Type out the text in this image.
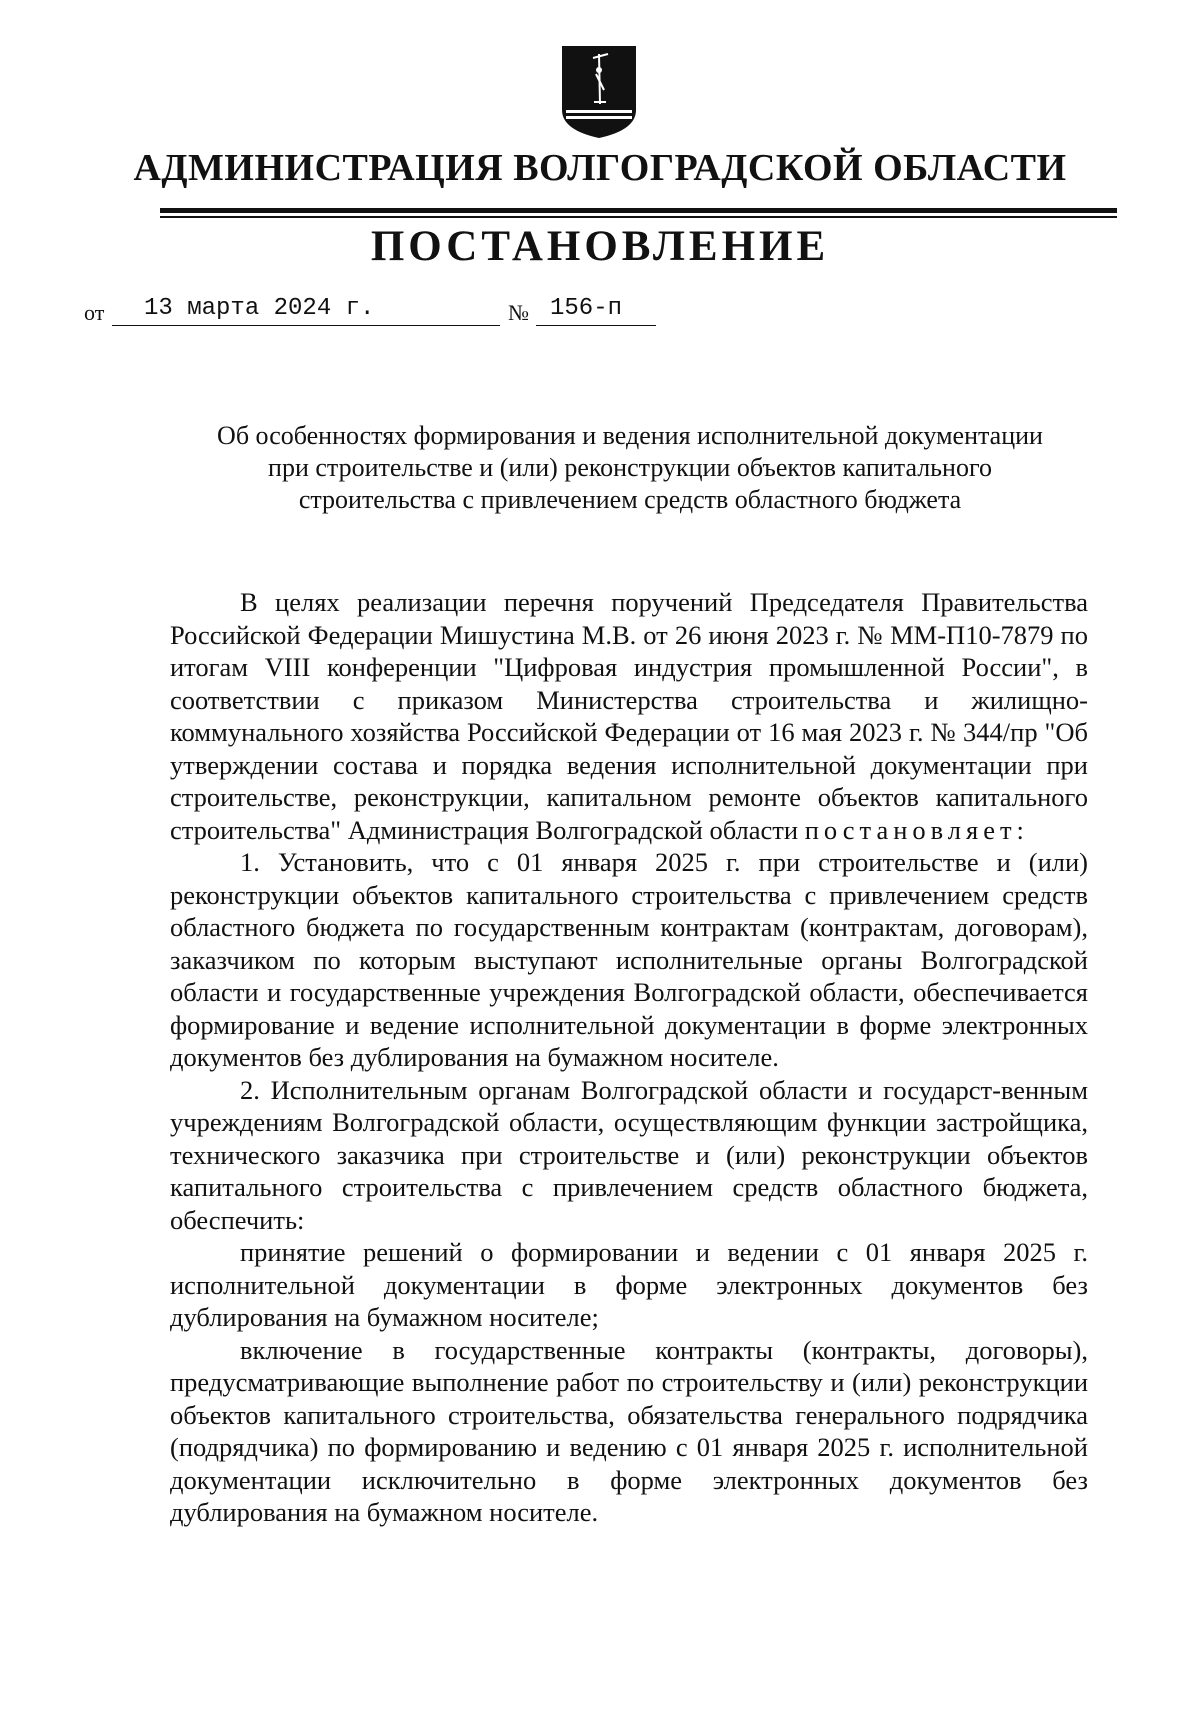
АДМИНИСТРАЦИЯ ВОЛГОГРАДСКОЙ ОБЛАСТИ
ПОСТАНОВЛЕНИЕ
от 13 марта 2024 г.	№ 156-п
Об особенностях формирования и ведения исполнительной документации
при строительстве и (или) реконструкции объектов капитального
строительства с привлечением средств областного бюджета

В целях реализации перечня поручений Председателя Правительства Российской Федерации Мишустина М.В. от 26 июня 2023 г. № ММ-П10-7879 по итогам VIII конференции "Цифровая индустрия промышленной России", в соответствии с приказом Министерства строительства и жилищно-коммунального хозяйства Российской Федерации от 16 мая 2023 г. № 344/пр "Об утверждении состава и порядка ведения исполнительной документации при строительстве, реконструкции, капитальном ремонте объектов капитального строительства" Администрация Волгоградской области постановляет:

1. Установить, что с 01 января 2025 г. при строительстве и (или) реконструкции объектов капитального строительства с привлечением средств областного бюджета по государственным контрактам (контрактам, договорам), заказчиком по которым выступают исполнительные органы Волгоградской области и государственные учреждения Волгоградской области, обеспечивается формирование и ведение исполнительной документации в форме электронных документов без дублирования на бумажном носителе.

2. Исполнительным органам Волгоградской области и государст-венным учреждениям Волгоградской области, осуществляющим функции застройщика, технического заказчика при строительстве и (или) реконструкции объектов капитального строительства с привлечением средств областного бюджета, обеспечить:

принятие решений о формировании и ведении с 01 января 2025 г. исполнительной документации в форме электронных документов без дублирования на бумажном носителе;

включение в государственные контракты (контракты, договоры), предусматривающие выполнение работ по строительству и (или) реконструкции объектов капитального строительства, обязательства генерального подрядчика (подрядчика) по формированию и ведению с 01 января 2025 г. исполнительной документации исключительно в форме электронных документов без дублирования на бумажном носителе.
